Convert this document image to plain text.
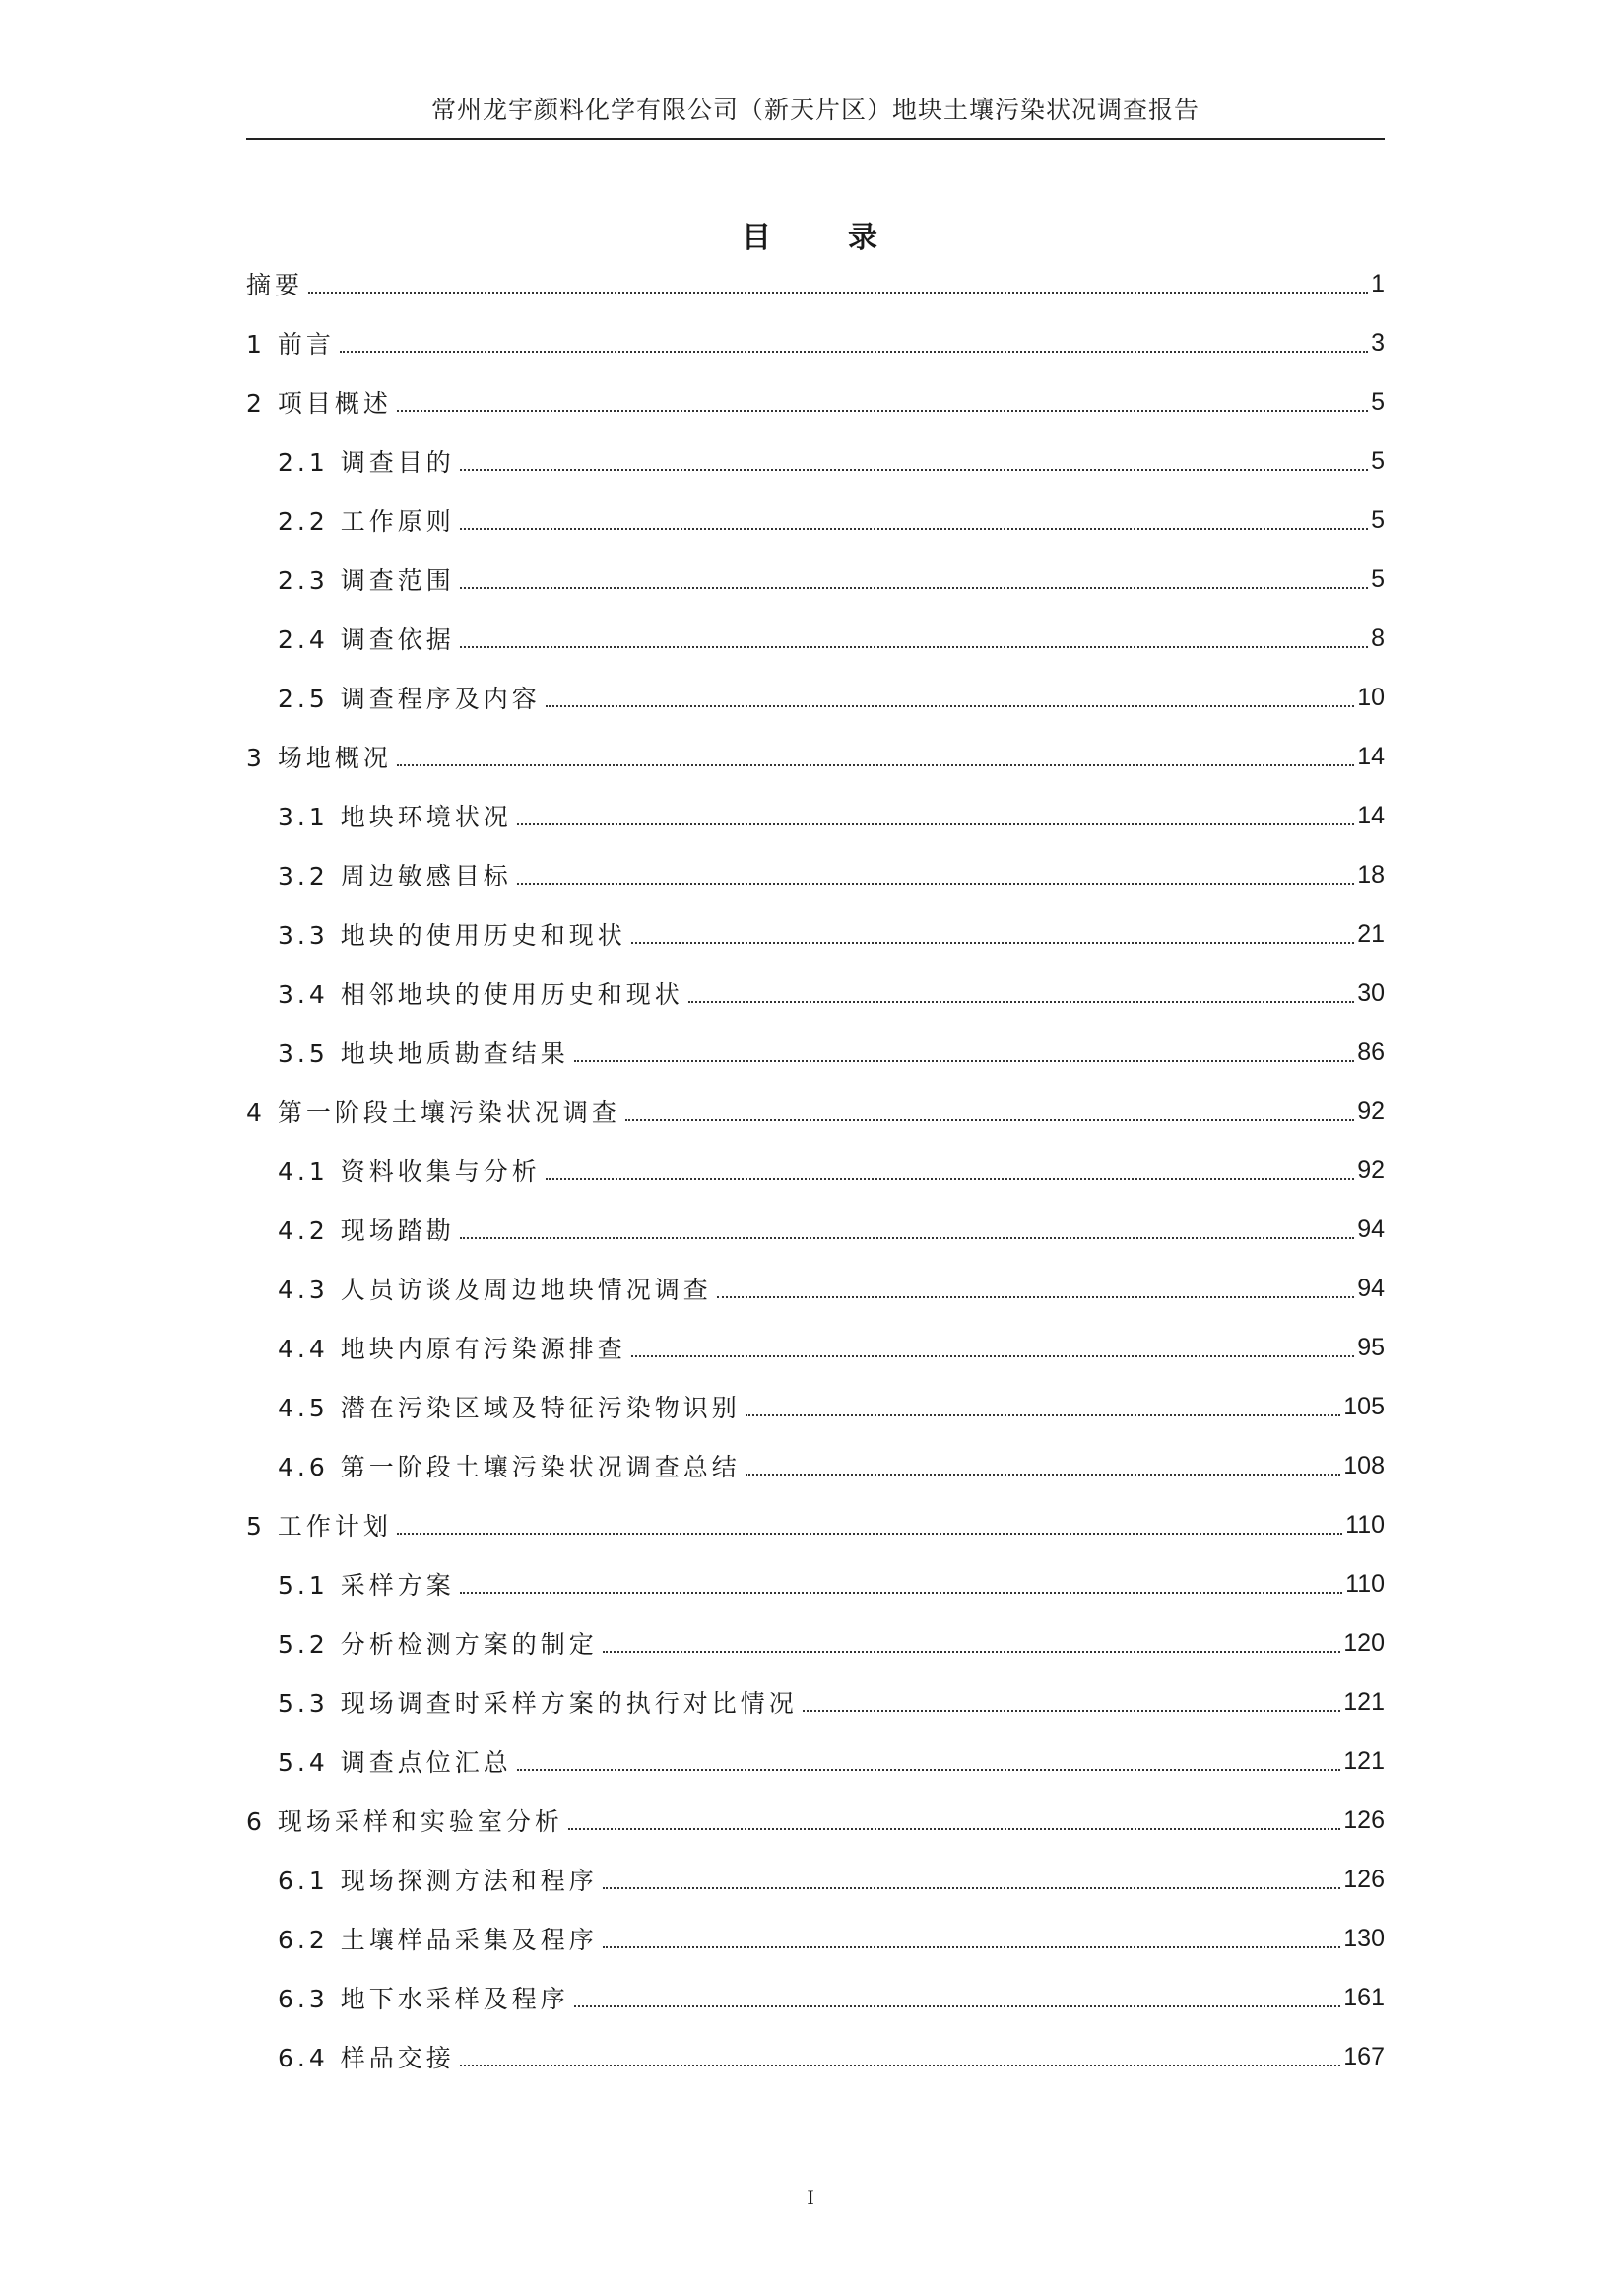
常州龙宇颜料化学有限公司（新天片区）地块土壤污染状况调查报告
目	录
摘要	1
1 前言	3
2 项目概述	5
2.1 调查目的	5
2.2 工作原则	5
2.3 调查范围	5
2.4 调查依据	8
2.5 调查程序及内容	10
3 场地概况	14
3.1 地块环境状况	14
3.2 周边敏感目标	18
3.3 地块的使用历史和现状	21
3.4 相邻地块的使用历史和现状	30
3.5 地块地质勘查结果	86
4 第一阶段土壤污染状况调查	92
4.1 资料收集与分析	92
4.2 现场踏勘	94
4.3 人员访谈及周边地块情况调查	94
4.4 地块内原有污染源排查	95
4.5 潜在污染区域及特征污染物识别	105
4.6 第一阶段土壤污染状况调查总结	108
5 工作计划	110
5.1 采样方案	110
5.2 分析检测方案的制定	120
5.3 现场调查时采样方案的执行对比情况	121
5.4 调查点位汇总	121
6 现场采样和实验室分析	126
6.1 现场探测方法和程序	126
6.2 土壤样品采集及程序	130
6.3 地下水采样及程序	161
6.4 样品交接	167
I
